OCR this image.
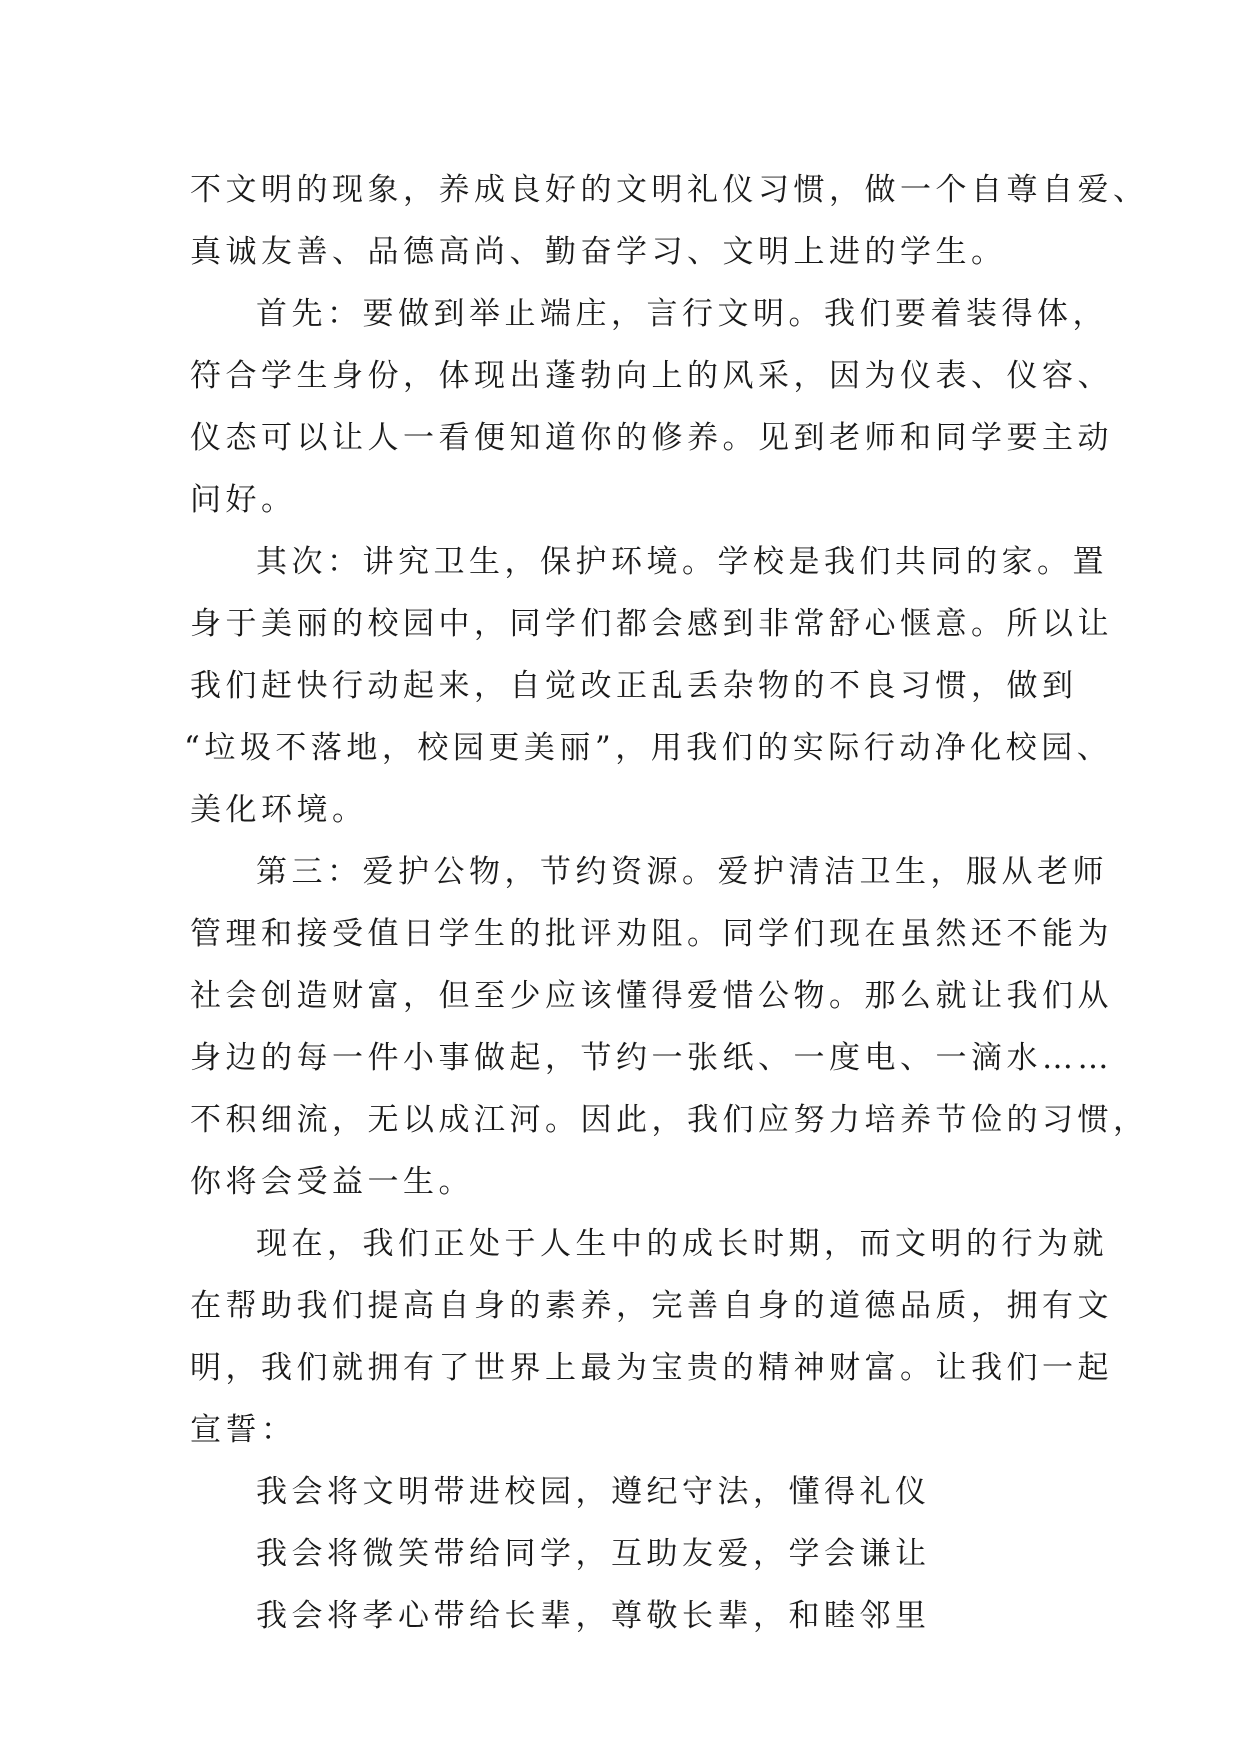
不文明的现象，养成良好的文明礼仪习惯，做一个自尊自爱、
真诚友善、品德高尚、勤奋学习、文明上进的学生。
首先：要做到举止端庄，言行文明。我们要着装得体，
符合学生身份，体现出蓬勃向上的风采，因为仪表、仪容、
仪态可以让人一看便知道你的修养。见到老师和同学要主动
问好。
其次：讲究卫生，保护环境。学校是我们共同的家。置
身于美丽的校园中，同学们都会感到非常舒心惬意。所以让
我们赶快行动起来，自觉改正乱丢杂物的不良习惯，做到
“垃圾不落地，校园更美丽”，用我们的实际行动净化校园、
美化环境。
第三：爱护公物，节约资源。爱护清洁卫生，服从老师
管理和接受值日学生的批评劝阻。同学们现在虽然还不能为
社会创造财富，但至少应该懂得爱惜公物。那么就让我们从
身边的每一件小事做起，节约一张纸、一度电、一滴水……
不积细流，无以成江河。因此，我们应努力培养节俭的习惯，
你将会受益一生。
现在，我们正处于人生中的成长时期，而文明的行为就
在帮助我们提高自身的素养，完善自身的道德品质，拥有文
明，我们就拥有了世界上最为宝贵的精神财富。让我们一起
宣誓：
我会将文明带进校园，遵纪守法，懂得礼仪
我会将微笑带给同学，互助友爱，学会谦让
我会将孝心带给长辈，尊敬长辈，和睦邻里
